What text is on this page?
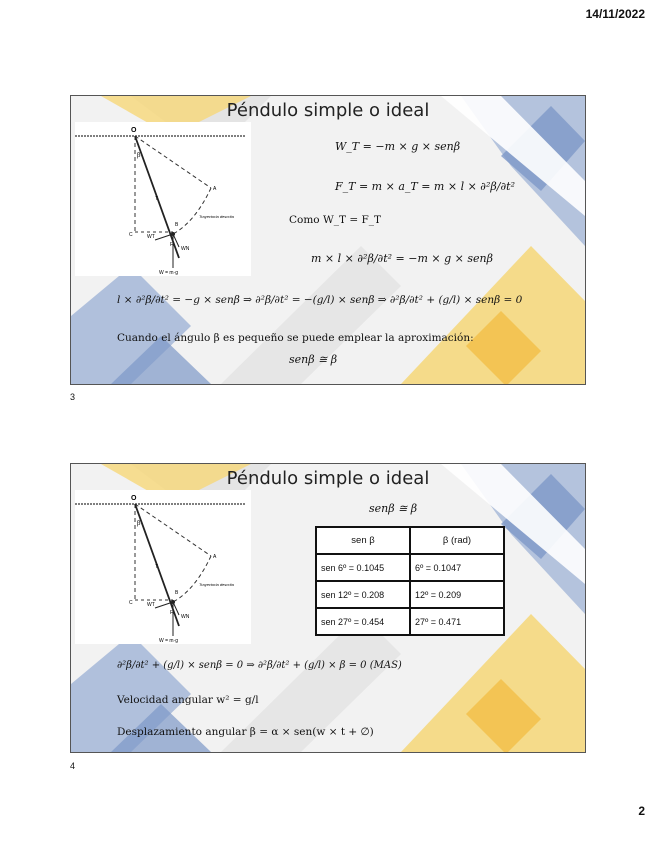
14/11/2022
Péndulo simple o ideal
O
A
C
β
T
WT
WN
B
F
W = m·g
Trayectoria descrita
W_T = −m × g × senβ
F_T = m × a_T = m × l × ∂²β/∂t²
Como W_T = F_T
m × l × ∂²β/∂t² = −m × g × senβ
l × ∂²β/∂t² = −g × senβ ⇒ ∂²β/∂t² = −(g/l) × senβ ⇒ ∂²β/∂t² + (g/l) × senβ = 0
Cuando el ángulo β es pequeño se puede emplear la aproximación:
senβ ≅ β
3
Péndulo simple o ideal
O
A
C
β
T
WT
WN
B
F
W = m·g
Trayectoria descrita
senβ ≅ β
sen β	β (rad)
sen 6º = 0.1045	6º = 0.1047
sen 12º = 0.208	12º = 0.209
sen 27º = 0.454	27º = 0.471
∂²β/∂t² + (g/l) × senβ = 0 ⇒ ∂²β/∂t² + (g/l) × β = 0 (MAS)
Velocidad angular w² = g/l
Desplazamiento angular β = α × sen(w × t + ∅)
4
2
